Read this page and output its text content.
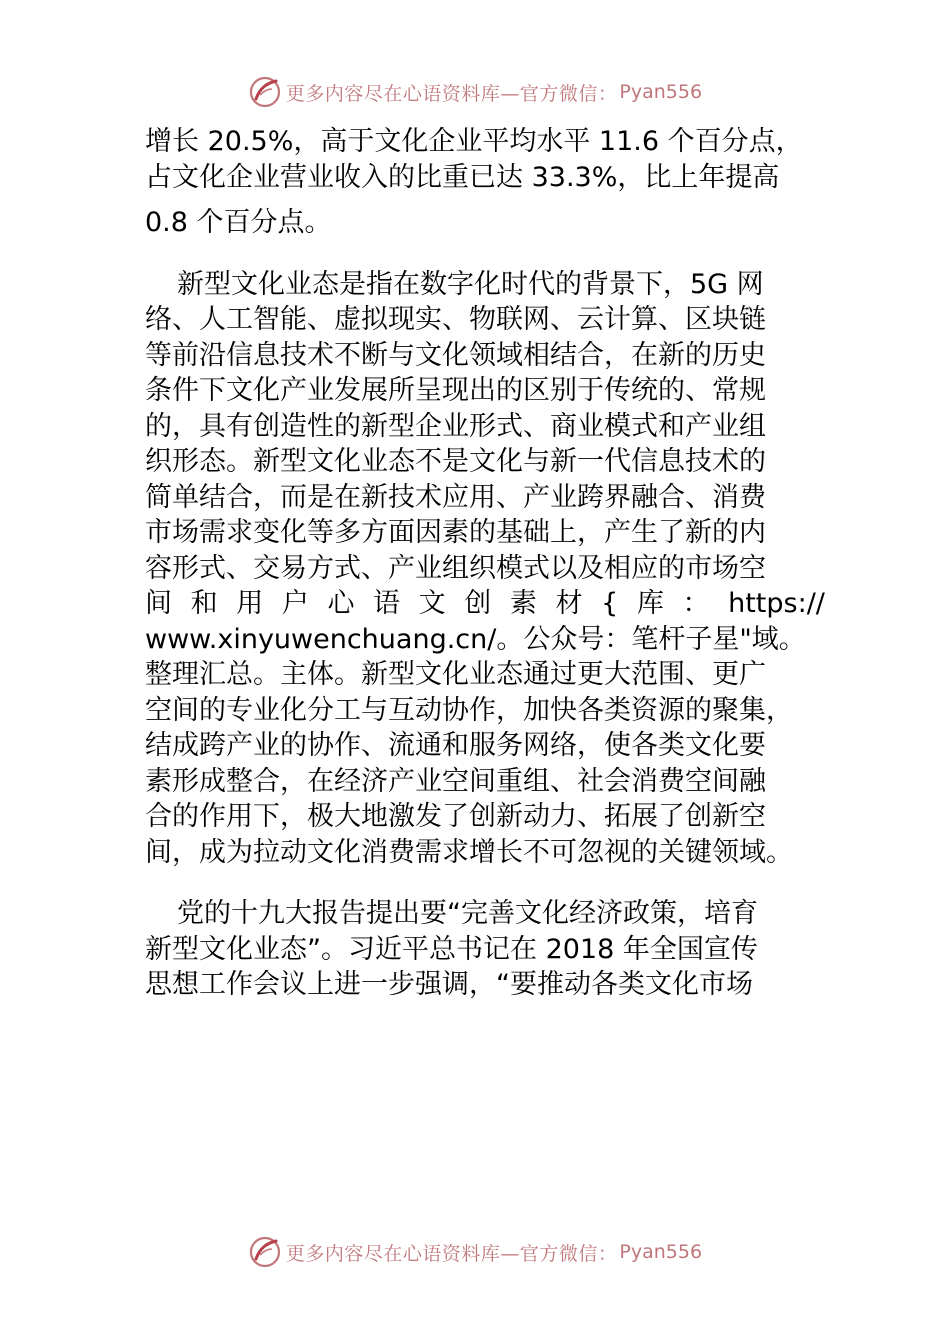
更多内容尽在心语资料库—官方微信： Pyan556
增长 20.5%，高于文化企业平均水平 11.6 个百分点，
占文化企业营业收入的比重已达 33.3%，比上年提高
0.8 个百分点。
新型文化业态是指在数字化时代的背景下，5G 网
络、人工智能、虚拟现实、物联网、云计算、区块链
等前沿信息技术不断与文化领域相结合，在新的历史
条件下文化产业发展所呈现出的区别于传统的、常规
的，具有创造性的新型企业形式、商业模式和产业组
织形态。新型文化业态不是文化与新一代信息技术的
简单结合，而是在新技术应用、产业跨界融合、消费
市场需求变化等多方面因素的基础上，产生了新的内
容形式、交易方式、产业组织模式以及相应的市场空
间 和 用 户 心 语 文 创 素 材 { 库 ： https://
www.xinyuwenchuang.cn/。公众号：笔杆子星"域。
整理汇总。主体。新型文化业态通过更大范围、更广
空间的专业化分工与互动协作，加快各类资源的聚集，
结成跨产业的协作、流通和服务网络，使各类文化要
素形成整合，在经济产业空间重组、社会消费空间融
合的作用下，极大地激发了创新动力、拓展了创新空
间，成为拉动文化消费需求增长不可忽视的关键领域。
党的十九大报告提出要“完善文化经济政策，培育
新型文化业态”。习近平总书记在 2018 年全国宣传
思想工作会议上进一步强调，“要推动各类文化市场
更多内容尽在心语资料库—官方微信： Pyan556
